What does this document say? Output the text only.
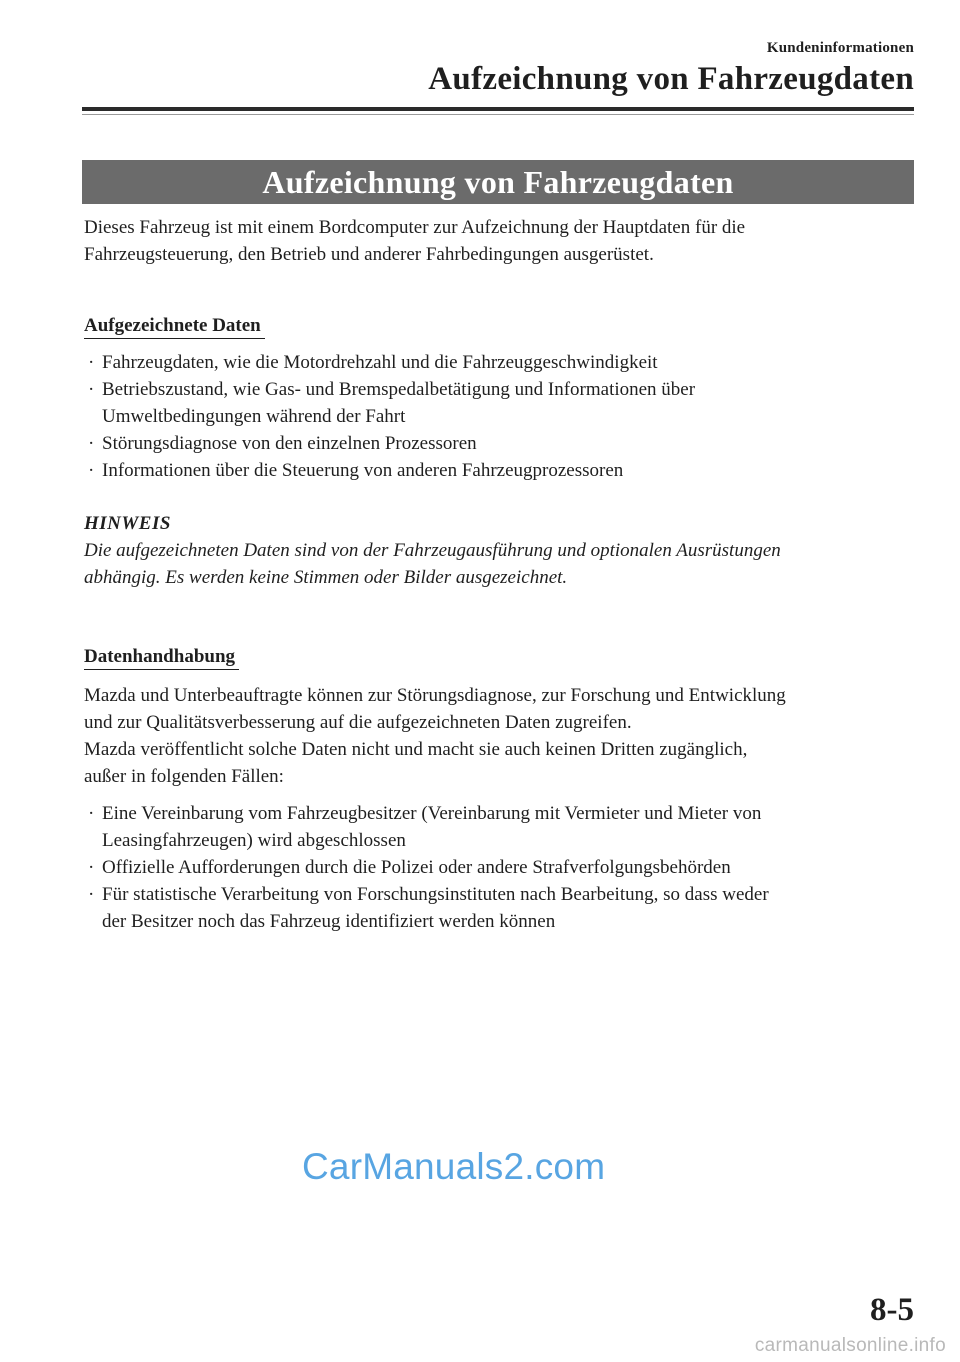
Kundeninformationen
Aufzeichnung von Fahrzeugdaten
Aufzeichnung von Fahrzeugdaten
Dieses Fahrzeug ist mit einem Bordcomputer zur Aufzeichnung der Hauptdaten für die
Fahrzeugsteuerung, den Betrieb und anderer Fahrbedingungen ausgerüstet.
Aufgezeichnete Daten
· Fahrzeugdaten, wie die Motordrehzahl und die Fahrzeuggeschwindigkeit
· Betriebszustand, wie Gas- und Bremspedalbetätigung und Informationen über
Umweltbedingungen während der Fahrt
· Störungsdiagnose von den einzelnen Prozessoren
· Informationen über die Steuerung von anderen Fahrzeugprozessoren
HINWEIS
Die aufgezeichneten Daten sind von der Fahrzeugausführung und optionalen Ausrüstungen
abhängig. Es werden keine Stimmen oder Bilder ausgezeichnet.
Datenhandhabung
Mazda und Unterbeauftragte können zur Störungsdiagnose, zur Forschung und Entwicklung
und zur Qualitätsverbesserung auf die aufgezeichneten Daten zugreifen.
Mazda veröffentlicht solche Daten nicht und macht sie auch keinen Dritten zugänglich,
außer in folgenden Fällen:
· Eine Vereinbarung vom Fahrzeugbesitzer (Vereinbarung mit Vermieter und Mieter von
Leasingfahrzeugen) wird abgeschlossen
· Offizielle Aufforderungen durch die Polizei oder andere Strafverfolgungsbehörden
· Für statistische Verarbeitung von Forschungsinstituten nach Bearbeitung, so dass weder
der Besitzer noch das Fahrzeug identifiziert werden können
CarManuals2.com
8-5
carmanualsonline.info
